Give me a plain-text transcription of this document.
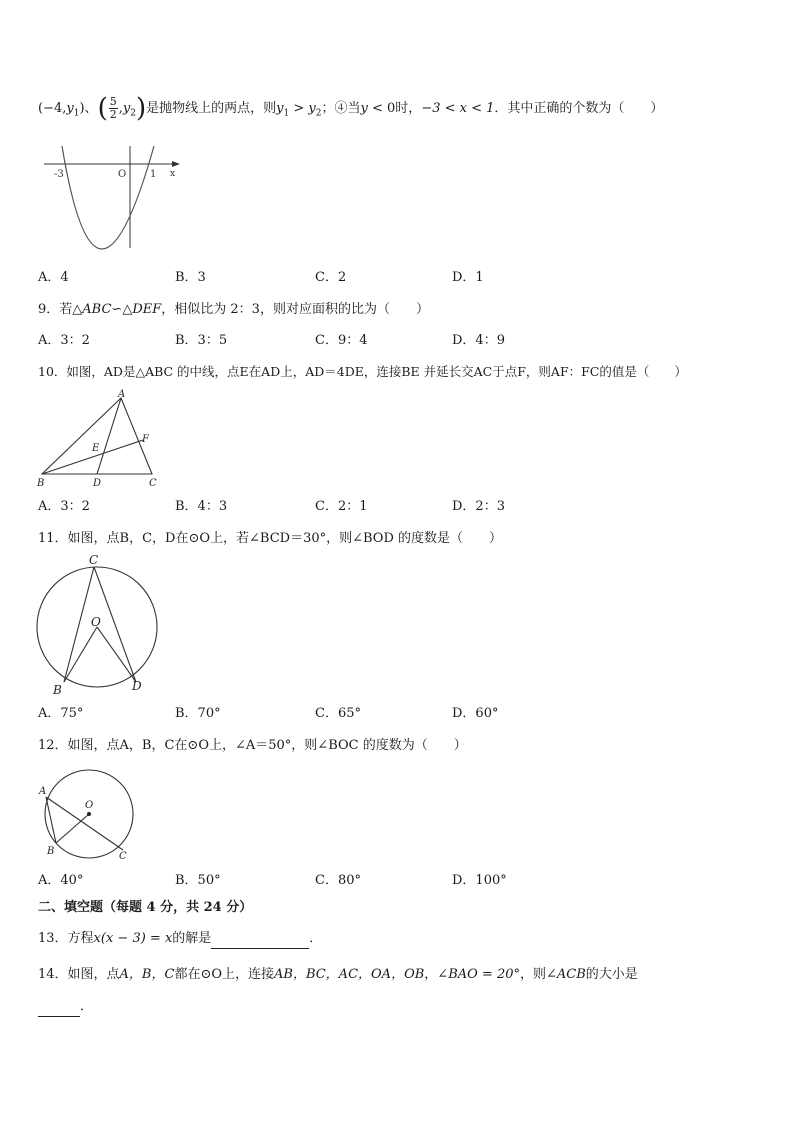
$(-4,y_1)$、( $\frac{5}{2} ,y_2$)是抛物线上的两点，则$y_1 > y_2$；④当y < 0时，−3 < x < 1．其中正确的个数为（　　）
-3	O 1 x
A．4	B．3	C．2	D．1
9．若△ABC∽△DEF，相似比为 2：3，则对应面积的比为（　　）
A．3：2	B．3：5	C．9：4	D．4：9
10．如图，AD是△ABC 的中线，点E在AD上，AD＝4DE，连接BE 并延长交AC于点F，则AF：FC的值是（　　）
A
B	C
D
E
F
A．3：2	B．4：3	C．2：1	D．2：3
11．如图，点B，C，D在⊙O上，若∠BCD＝30°，则∠BOD 的度数是（　　）
C
O
B	D
A．75°	B．70°	C．65°	D．60°
12．如图，点A，B，C在⊙O上，∠A＝50°，则∠BOC 的度数为（　　）
A
O
B	C
A．40°	B．50°	C．80°	D．100°
二、填空题（每题 4 分，共 24 分）
13．方程x(x − 3) = x的解是	．
14．如图，点A，B，C都在⊙O上，连接AB，BC，AC，OA，OB，∠BAO = 20°，则∠ACB的大小是
．
